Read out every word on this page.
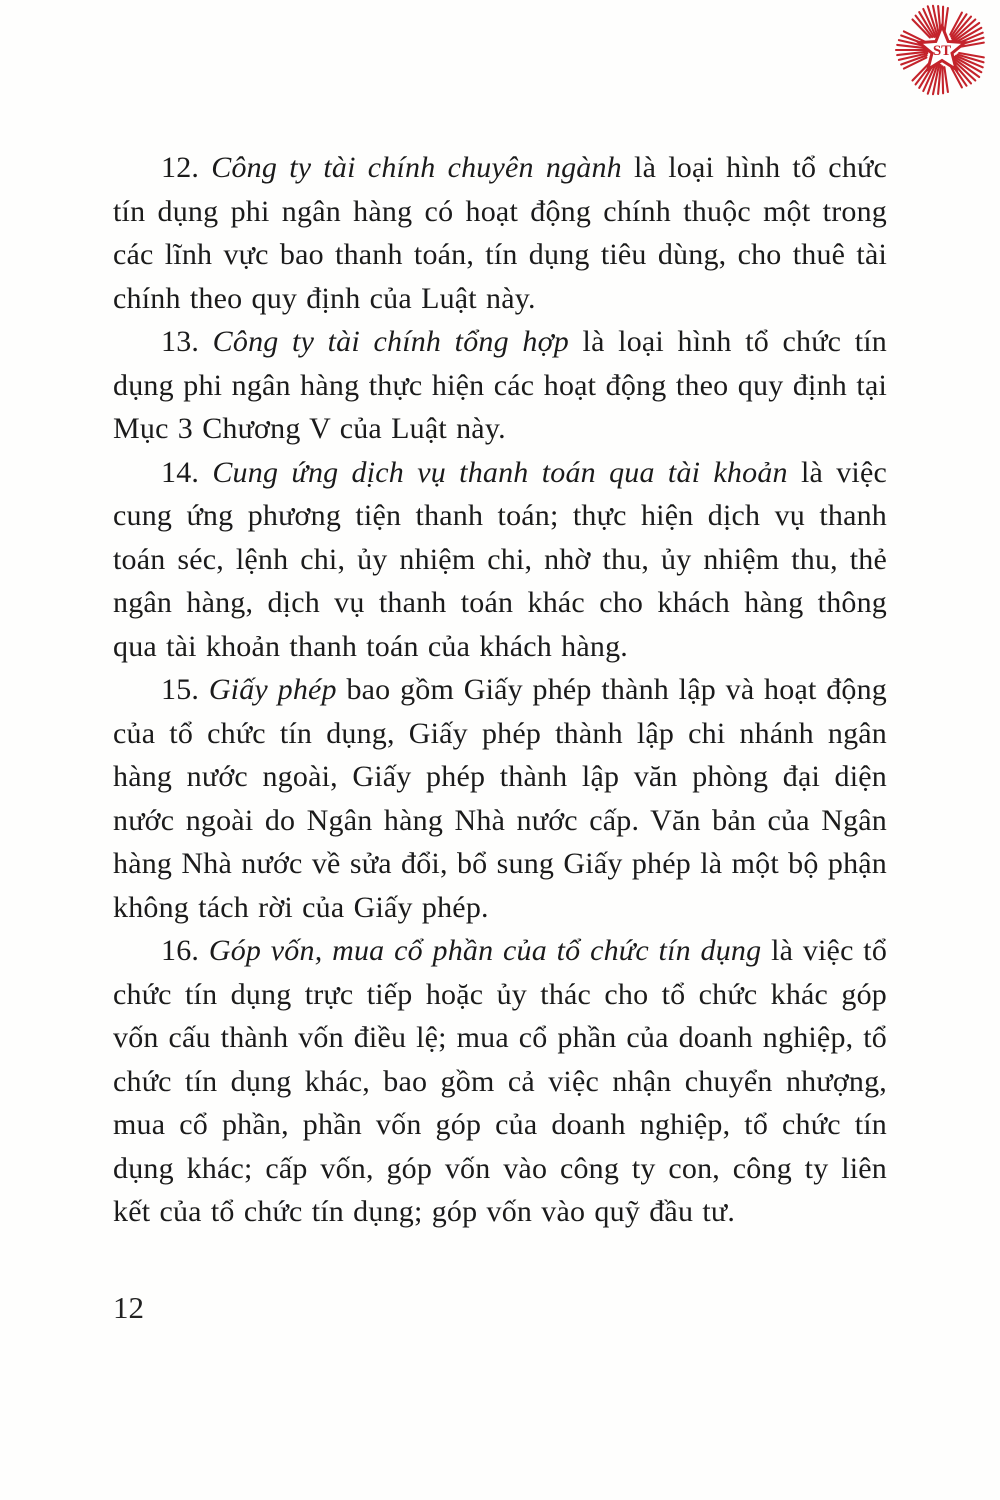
ST

12. Công ty tài chính chuyên ngành là loại hình tổ chức tín dụng phi ngân hàng có hoạt động chính thuộc một trong các lĩnh vực bao thanh toán, tín dụng tiêu dùng, cho thuê tài chính theo quy định của Luật này.

13. Công ty tài chính tổng hợp là loại hình tổ chức tín dụng phi ngân hàng thực hiện các hoạt động theo quy định tại Mục 3 Chương V của Luật này.

14. Cung ứng dịch vụ thanh toán qua tài khoản là việc cung ứng phương tiện thanh toán; thực hiện dịch vụ thanh toán séc, lệnh chi, ủy nhiệm chi, nhờ thu, ủy nhiệm thu, thẻ ngân hàng, dịch vụ thanh toán khác cho khách hàng thông qua tài khoản thanh toán của khách hàng.

15. Giấy phép bao gồm Giấy phép thành lập và hoạt động của tổ chức tín dụng, Giấy phép thành lập chi nhánh ngân hàng nước ngoài, Giấy phép thành lập văn phòng đại diện nước ngoài do Ngân hàng Nhà nước cấp. Văn bản của Ngân hàng Nhà nước về sửa đổi, bổ sung Giấy phép là một bộ phận không tách rời của Giấy phép.

16. Góp vốn, mua cổ phần của tổ chức tín dụng là việc tổ chức tín dụng trực tiếp hoặc ủy thác cho tổ chức khác góp vốn cấu thành vốn điều lệ; mua cổ phần của doanh nghiệp, tổ chức tín dụng khác, bao gồm cả việc nhận chuyển nhượng, mua cổ phần, phần vốn góp của doanh nghiệp, tổ chức tín dụng khác; cấp vốn, góp vốn vào công ty con, công ty liên kết của tổ chức tín dụng; góp vốn vào quỹ đầu tư.

12
